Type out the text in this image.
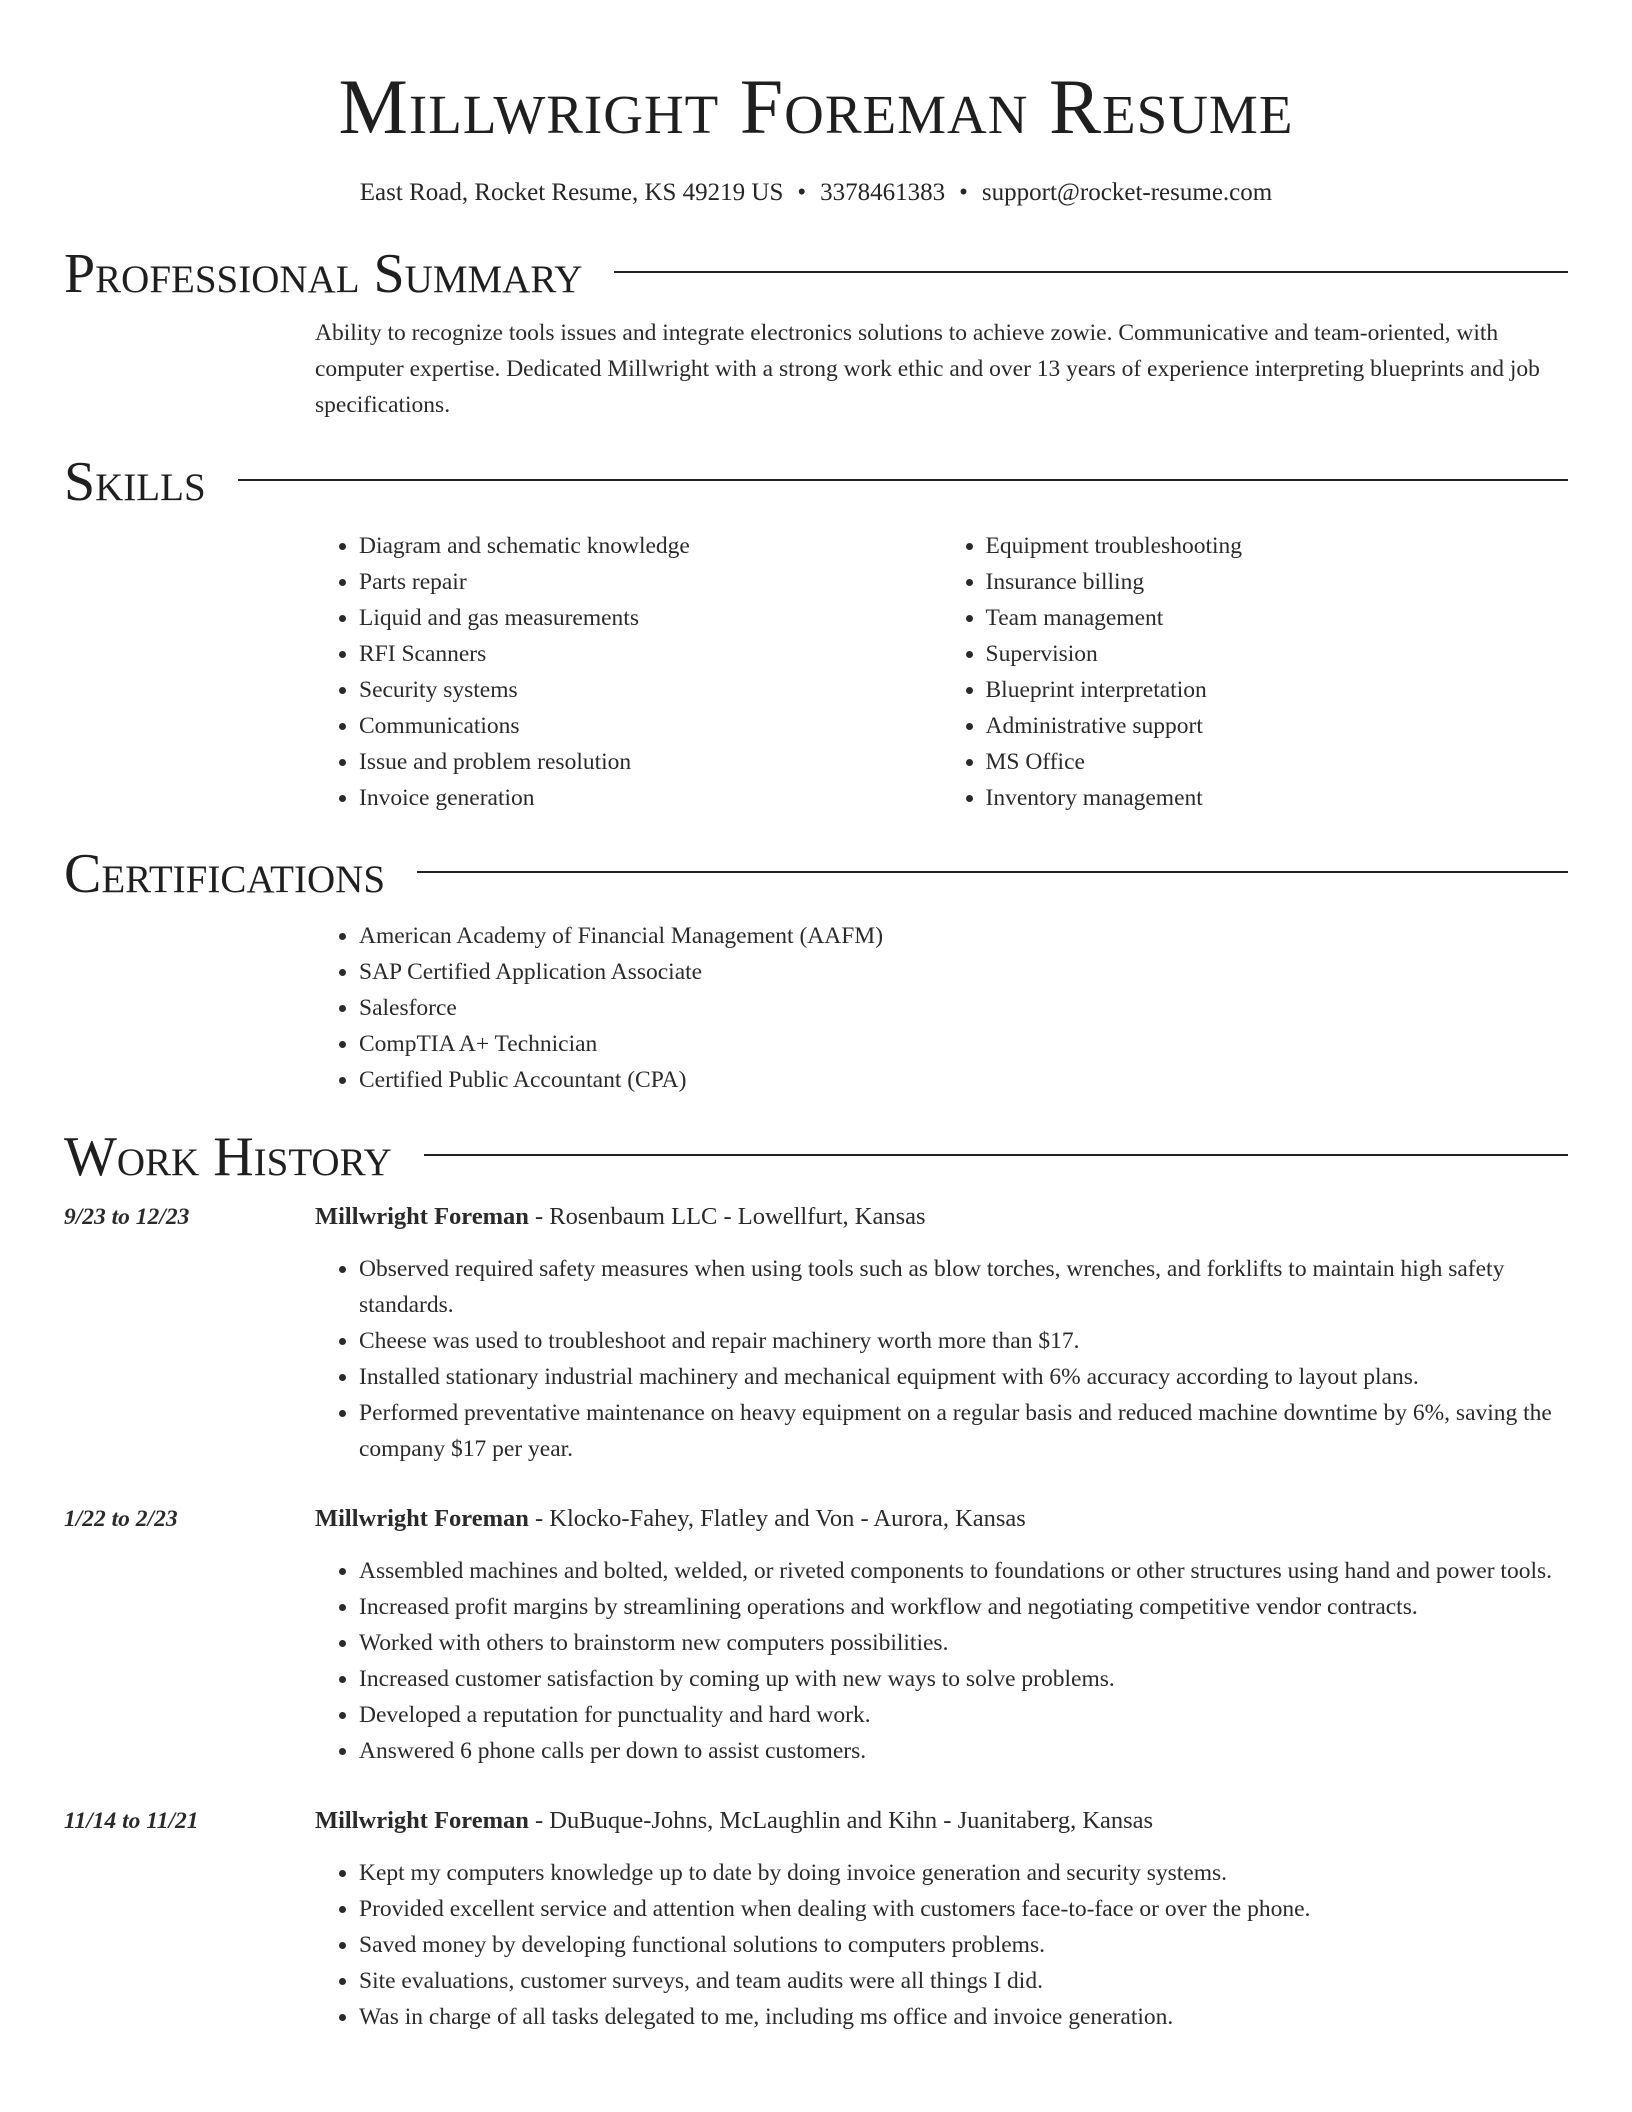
Millwright Foreman Resume
East Road, Rocket Resume, KS 49219 US • 3378461383 • support@rocket-resume.com
Professional Summary

Ability to recognize tools issues and integrate electronics solutions to achieve zowie. Communicative and team-oriented, with computer expertise. Dedicated Millwright with a strong work ethic and over 13 years of experience interpreting blueprints and job specifications.

Skills
• Diagram and schematic knowledge
• Parts repair
• Liquid and gas measurements
• RFI Scanners
• Security systems
• Communications
• Issue and problem resolution
• Invoice generation
• Equipment troubleshooting
• Insurance billing
• Team management
• Supervision
• Blueprint interpretation
• Administrative support
• MS Office
• Inventory management
Certifications
• American Academy of Financial Management (AAFM)
• SAP Certified Application Associate
• Salesforce
• CompTIA A+ Technician
• Certified Public Accountant (CPA)
Work History
9/23 to 12/23	Millwright Foreman - Rosenbaum LLC - Lowellfurt, Kansas
• Observed required safety measures when using tools such as blow torches, wrenches, and forklifts to maintain high safety standards.
• Cheese was used to troubleshoot and repair machinery worth more than $17.
• Installed stationary industrial machinery and mechanical equipment with 6% accuracy according to layout plans.
• Performed preventative maintenance on heavy equipment on a regular basis and reduced machine downtime by 6%, saving the company $17 per year.
1/22 to 2/23	Millwright Foreman - Klocko-Fahey, Flatley and Von - Aurora, Kansas
• Assembled machines and bolted, welded, or riveted components to foundations or other structures using hand and power tools.
• Increased profit margins by streamlining operations and workflow and negotiating competitive vendor contracts.
• Worked with others to brainstorm new computers possibilities.
• Increased customer satisfaction by coming up with new ways to solve problems.
• Developed a reputation for punctuality and hard work.
• Answered 6 phone calls per down to assist customers.
11/14 to 11/21	Millwright Foreman - DuBuque-Johns, McLaughlin and Kihn - Juanitaberg, Kansas
• Kept my computers knowledge up to date by doing invoice generation and security systems.
• Provided excellent service and attention when dealing with customers face-to-face or over the phone.
• Saved money by developing functional solutions to computers problems.
• Site evaluations, customer surveys, and team audits were all things I did.
• Was in charge of all tasks delegated to me, including ms office and invoice generation.
